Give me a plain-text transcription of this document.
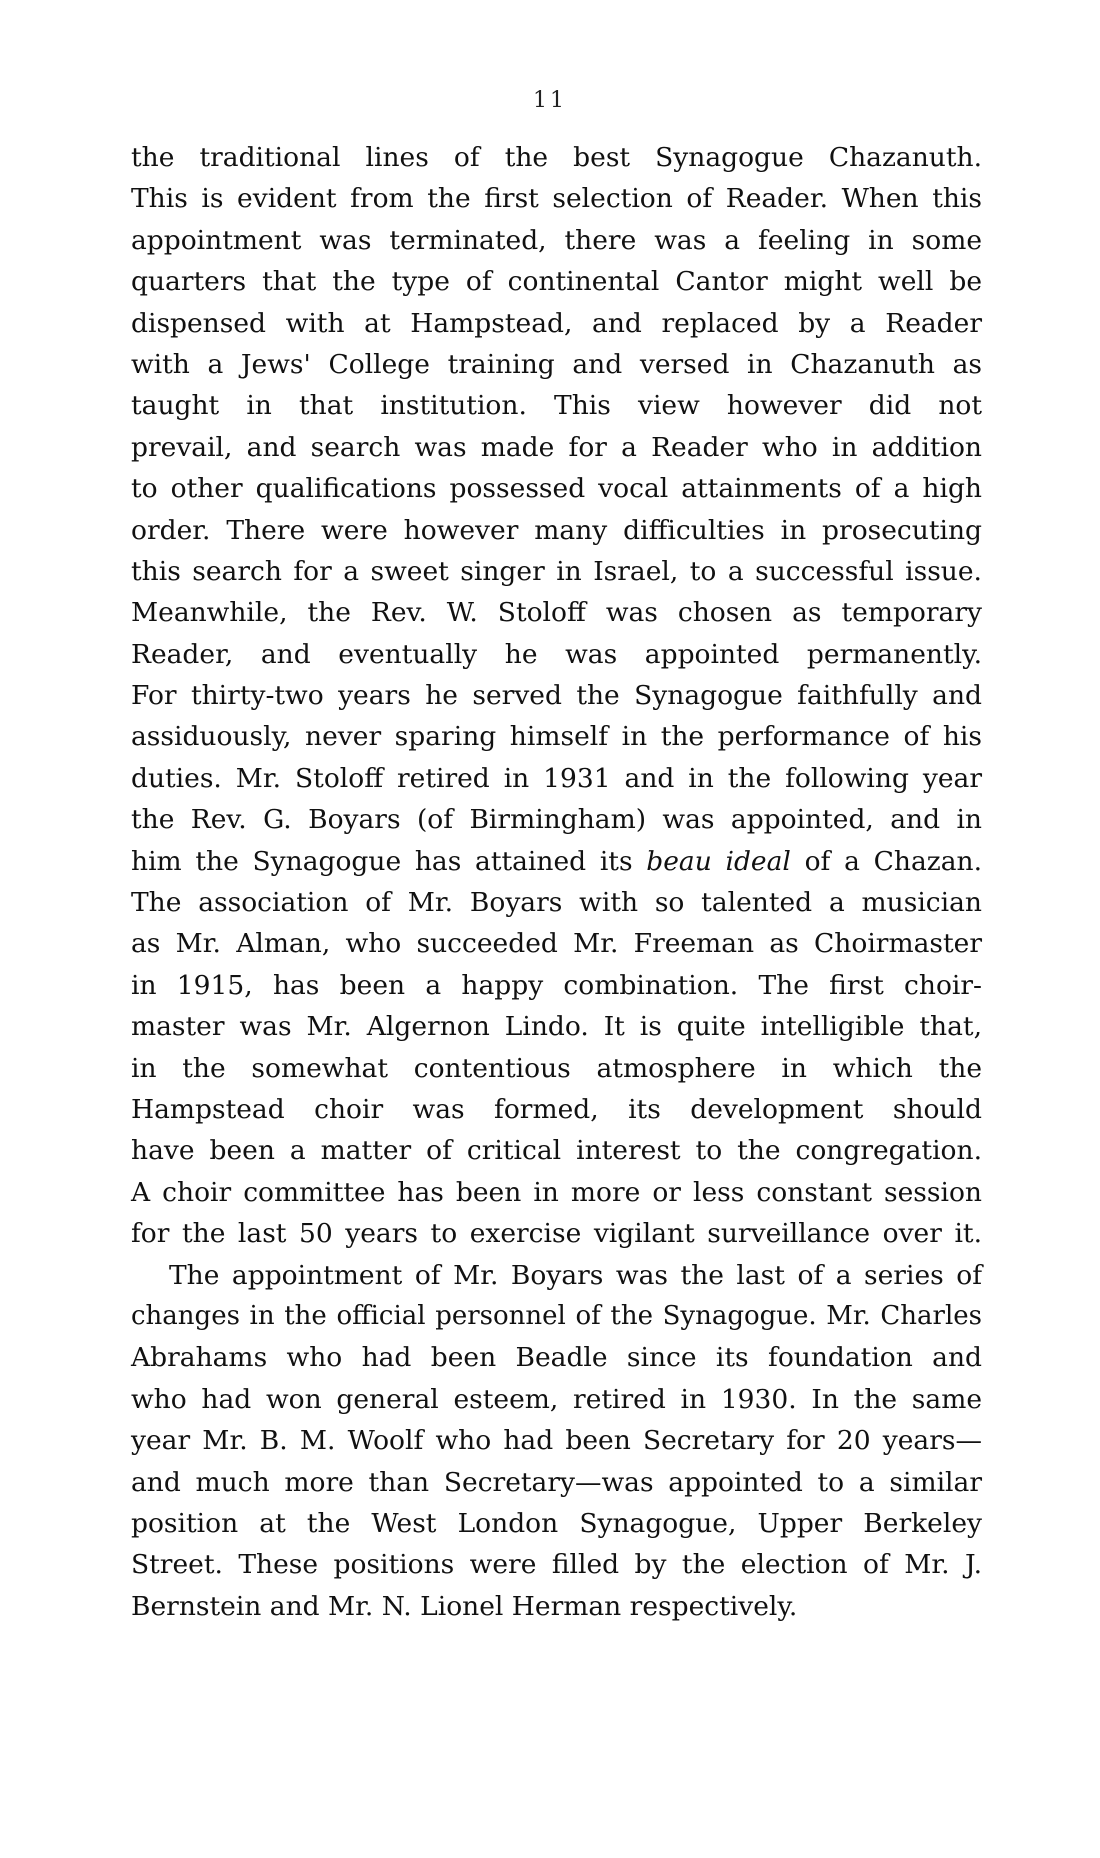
11
the traditional lines of the best Synagogue Chazanuth.
This is evident from the first selection of Reader. When this
appointment was terminated, there was a feeling in some
quarters that the type of continental Cantor might well be
dispensed with at Hampstead, and replaced by a Reader
with a Jews' College training and versed in Chazanuth as
taught in that institution. This view however did not
prevail, and search was made for a Reader who in addition
to other qualifications possessed vocal attainments of a high
order. There were however many difficulties in prosecuting
this search for a sweet singer in Israel, to a successful issue.
Meanwhile, the Rev. W. Stoloff was chosen as temporary
Reader, and eventually he was appointed permanently.
For thirty-two years he served the Synagogue faithfully and
assiduously, never sparing himself in the performance of his
duties. Mr. Stoloff retired in 1931 and in the following year
the Rev. G. Boyars (of Birmingham) was appointed, and in
him the Synagogue has attained its beau ideal of a Chazan.
The association of Mr. Boyars with so talented a musician
as Mr. Alman, who succeeded Mr. Freeman as Choirmaster
in 1915, has been a happy combination. The first choir-
master was Mr. Algernon Lindo. It is quite intelligible that,
in the somewhat contentious atmosphere in which the
Hampstead choir was formed, its development should
have been a matter of critical interest to the congregation.
A choir committee has been in more or less constant session
for the last 50 years to exercise vigilant surveillance over it.
The appointment of Mr. Boyars was the last of a series of
changes in the official personnel of the Synagogue. Mr. Charles
Abrahams who had been Beadle since its foundation and
who had won general esteem, retired in 1930. In the same
year Mr. B. M. Woolf who had been Secretary for 20 years—
and much more than Secretary—was appointed to a similar
position at the West London Synagogue, Upper Berkeley
Street. These positions were filled by the election of Mr. J.
Bernstein and Mr. N. Lionel Herman respectively.
